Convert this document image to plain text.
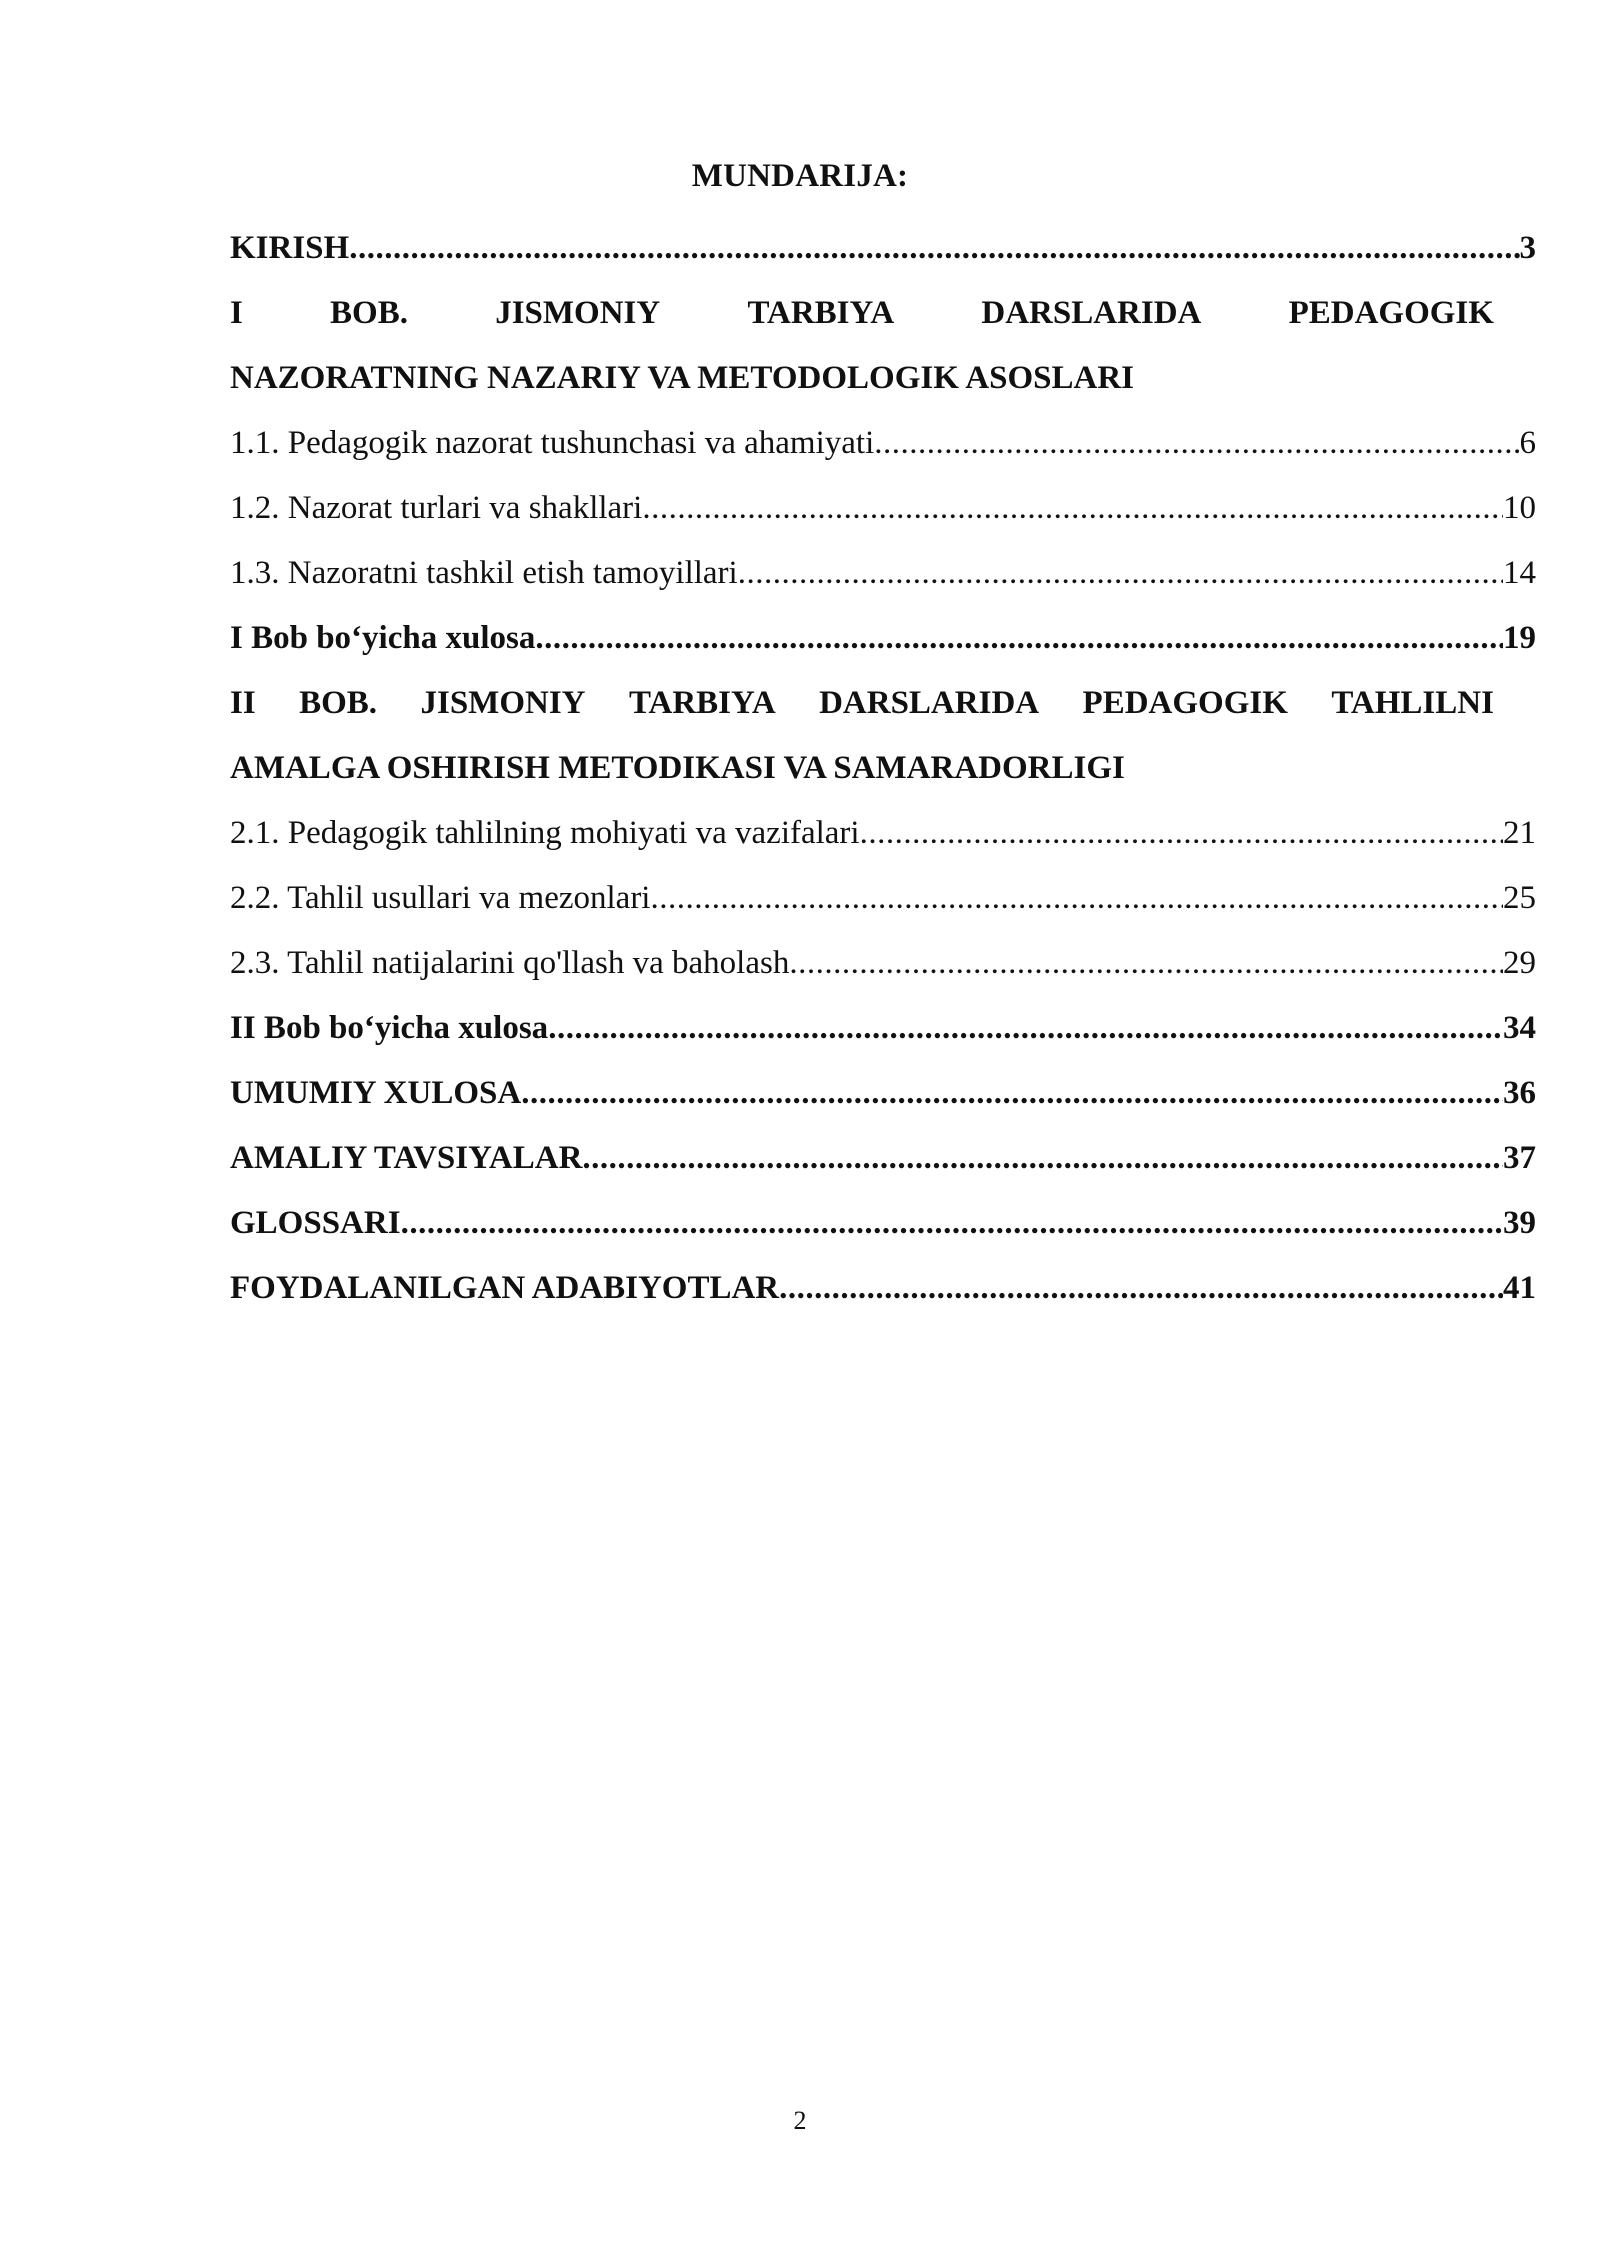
MUNDARIJA:
KIRISH .....	3
I	BOB.	JISMONIY	TARBIYA	DARSLARIDA	PEDAGOGIK
NAZORATNING NAZARIY VA METODOLOGIK ASOSLARI
1.1. Pedagogik nazorat tushunchasi va ahamiyati .....	6
1.2. Nazorat turlari va shakllari .....	10
1.3. Nazoratni tashkil etish tamoyillari .....	14
I Bob bo‘yicha xulosa .....	19
II BOB. JISMONIY TARBIYA DARSLARIDA PEDAGOGIK TAHLILNI
AMALGA OSHIRISH METODIKASI VA SAMARADORLIGI
2.1. Pedagogik tahlilning mohiyati va vazifalari .....	21
2.2. Tahlil usullari va mezonlari .....	25
2.3. Tahlil natijalarini qo'llash va baholash .....	29
II Bob bo‘yicha xulosa .....	34
UMUMIY XULOSA .....	36
AMALIY TAVSIYALAR .....	37
GLOSSARI .....	39
FOYDALANILGAN ADABIYOTLAR .....	41
2
